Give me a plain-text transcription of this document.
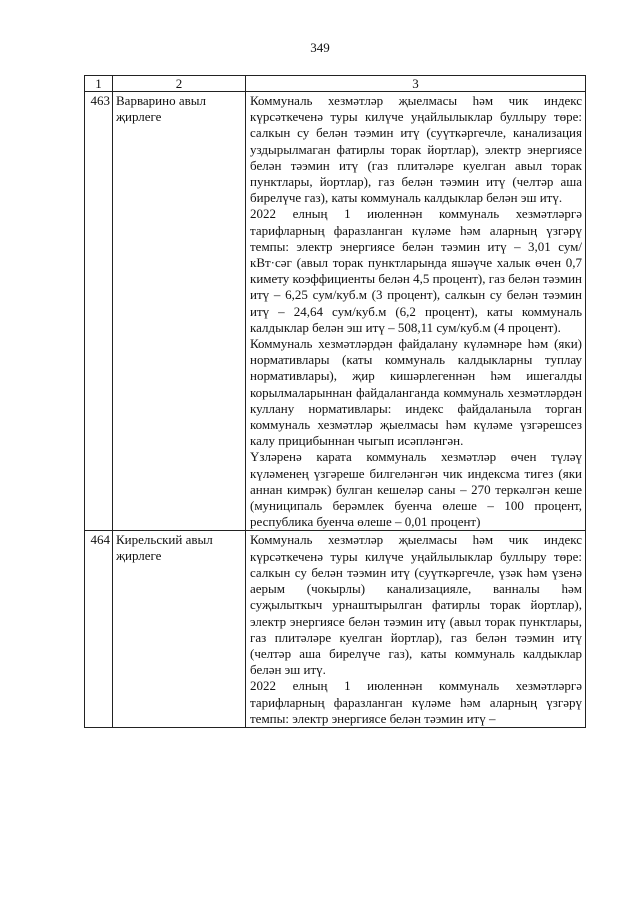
349
1	2	3
463	Варварино авыл җирлеге	Коммуналь хезмәтләр җыелмасы һәм чик индекс күрсәткеченә туры килүче уңайлылыклар буллыру төре: салкын су белән тәэмин итү (суүткәргечле, канализация уздырылмаган фатирлы торак йортлар), электр энергиясе белән тәэмин итү (газ плитәләре куелган авыл торак пунктлары, йортлар), газ белән тәэмин итү (челтәр аша бирелүче газ), каты коммуналь калдыклар белән эш итү.

2022 елның 1 июленнән коммуналь хезмәтләргә тарифларның фаразланган күләме һәм аларның үзгәрү темпы: электр энергиясе белән тәэмин итү – 3,01 сум/кВт·сәг (авыл торак пунктларында яшәүче халык өчен 0,7 кимету коэффициенты белән 4,5 процент), газ белән тәэмин итү – 6,25 сум/куб.м (3 процент), салкын су белән тәэмин итү – 24,64 сум/куб.м (6,2 процент), каты коммуналь калдыклар белән эш итү – 508,11 сум/куб.м (4 процент).

Коммуналь хезмәтләрдән файдалану күләмнәре һәм (яки) нормативлары (каты коммуналь калдыкларны туплау нормативлары), җир кишәрлегеннән һәм ишегалды корылмаларыннан файдаланганда коммуналь хезмәтләрдән куллану нормативлары: индекс файдаланыла торган коммуналь хезмәтләр җыелмасы һәм күләме үзгәрешсез калу прицибыннан чыгып исәпләнгән.

Үзләренә карата коммуналь хезмәтләр өчен түләү күләменең үзгәреше билгеләнгән чик индексма тигез (яки аннан кимрәк) булган кешеләр саны – 270 теркәлгән кеше (муниципаль берәмлек буенча өлеше – 100 процент, республика буенча өлеше – 0,01 процент)

464	Кирельский авыл җирлеге	Коммуналь хезмәтләр җыелмасы һәм чик индекс күрсәткеченә туры килүче уңайлылыклар буллыру төре: салкын су белән тәэмин итү (суүткәргечле, үзәк һәм үзенә аерым (чокырлы) канализацияле, ванналы һәм суҗылыткыч урнаштырылган фатирлы торак йортлар), электр энергиясе белән тәэмин итү (авыл торак пунктлары, газ плитәләре куелган йортлар), газ белән тәэмин итү (челтәр аша бирелүче газ), каты коммуналь калдыклар белән эш итү.

2022 елның 1 июленнән коммуналь хезмәтләргә тарифларның фаразланган күләме һәм аларның үзгәрү темпы: электр энергиясе белән тәэмин итү –
